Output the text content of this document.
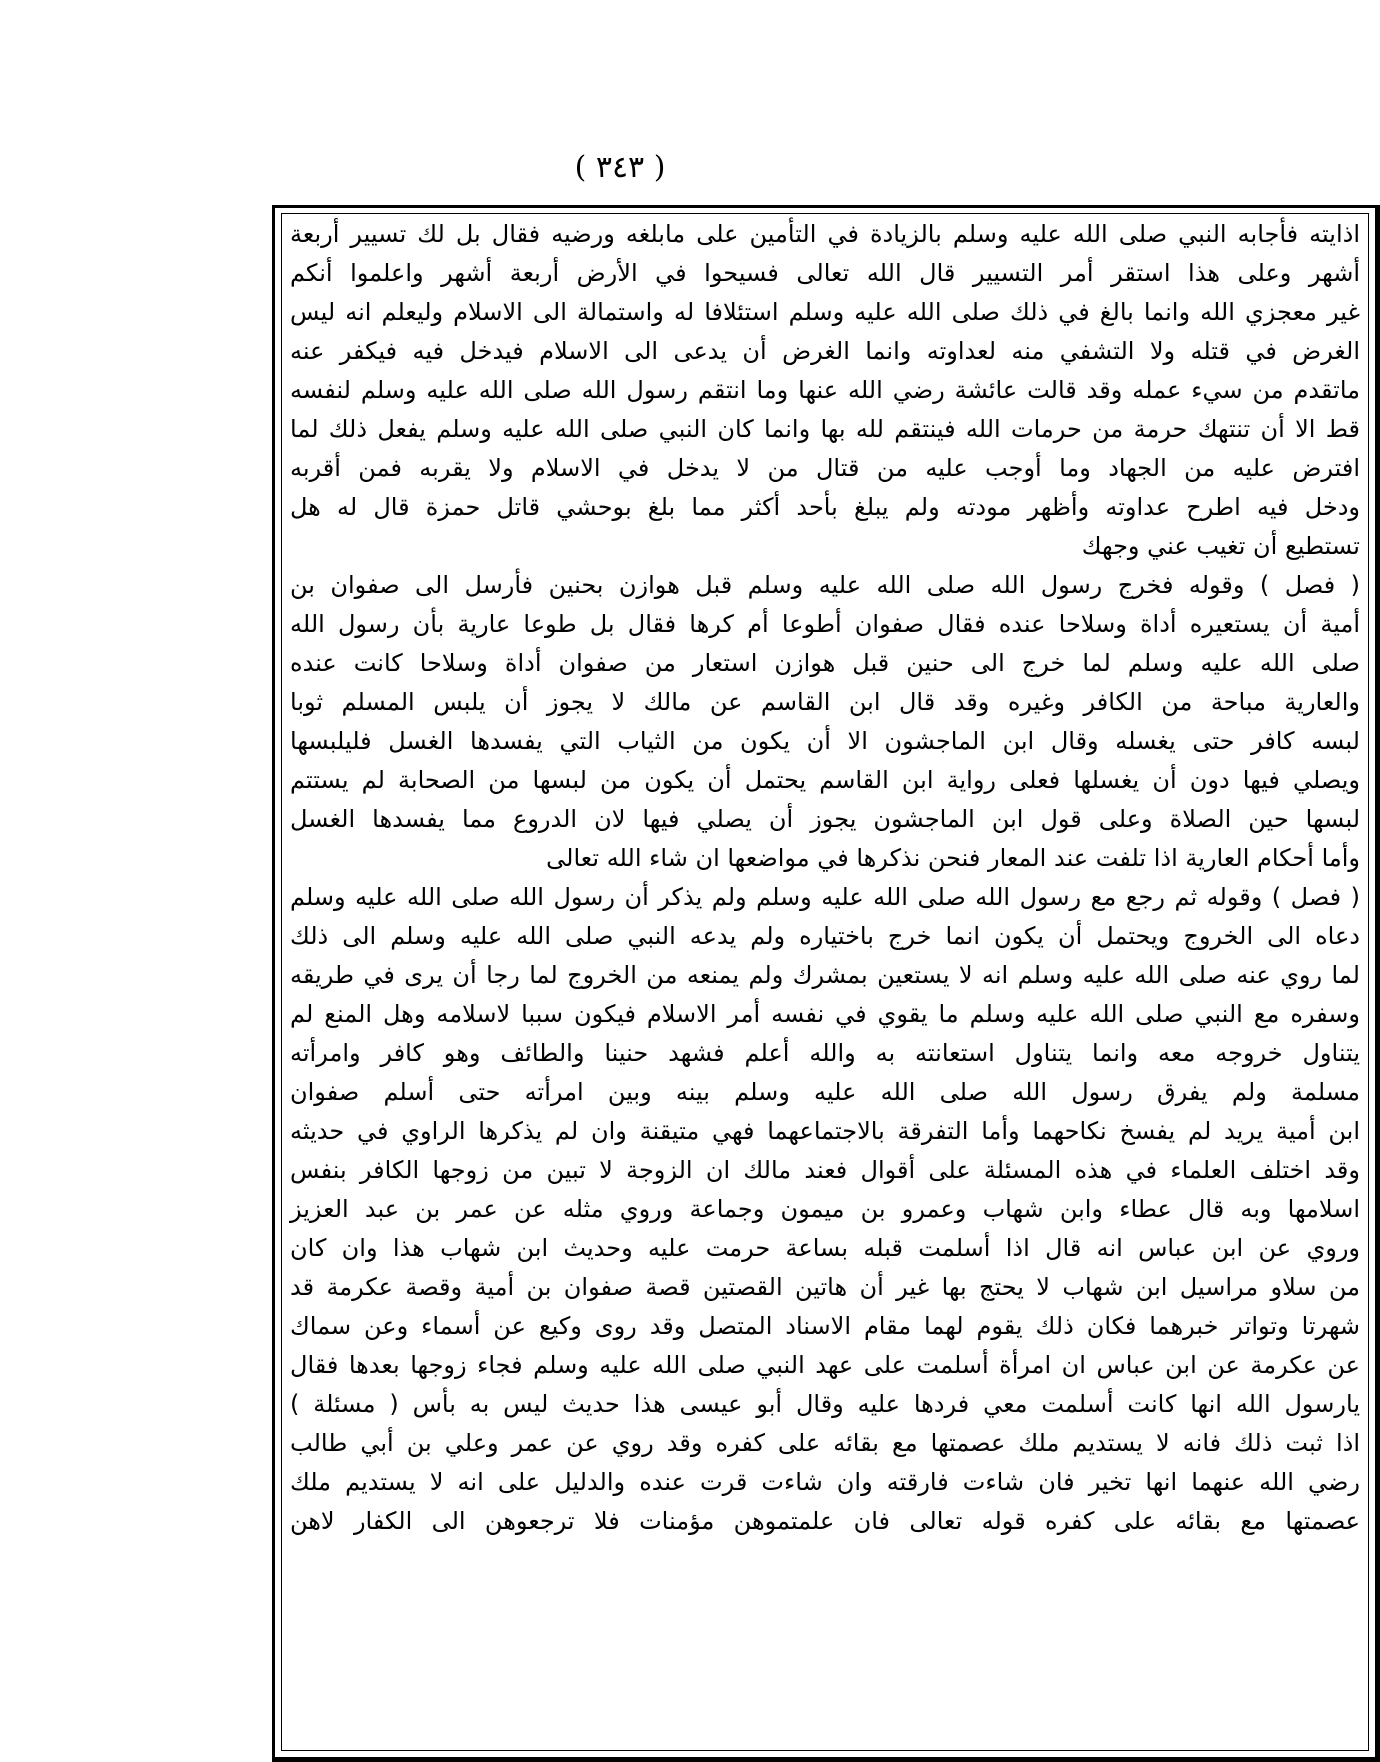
( ٣٤٣ )
اذايته فأجابه النبي صلى الله عليه وسلم بالزيادة في التأمين على مابلغه ورضيه فقال بل لك تسيير أربعة
أشهر وعلى هذا استقر أمر التسيير قال الله تعالى فسيحوا في الأرض أربعة أشهر واعلموا أنكم
غير معجزي الله وانما بالغ في ذلك صلى الله عليه وسلم استئلافا له واستمالة الى الاسلام وليعلم انه ليس
الغرض في قتله ولا التشفي منه لعداوته وانما الغرض أن يدعى الى الاسلام فيدخل فيه فيكفر عنه
ماتقدم من سيء عمله وقد قالت عائشة رضي الله عنها وما انتقم رسول الله صلى الله عليه وسلم لنفسه
قط الا أن تنتهك حرمة من حرمات الله فينتقم لله بها وانما كان النبي صلى الله عليه وسلم يفعل ذلك لما
افترض عليه من الجهاد وما أوجب عليه من قتال من لا يدخل في الاسلام ولا يقربه فمن أقربه
ودخل فيه اطرح عداوته وأظهر مودته ولم يبلغ بأحد أكثر مما بلغ بوحشي قاتل حمزة قال له هل
تستطيع أن تغيب عني وجهك
( فصل ) وقوله فخرج رسول الله صلى الله عليه وسلم قبل هوازن بحنين فأرسل الى صفوان بن
أمية أن يستعيره أداة وسلاحا عنده فقال صفوان أطوعا أم كرها فقال بل طوعا عارية بأن رسول الله
صلى الله عليه وسلم لما خرج الى حنين قبل هوازن استعار من صفوان أداة وسلاحا كانت عنده
والعارية مباحة من الكافر وغيره وقد قال ابن القاسم عن مالك لا يجوز أن يلبس المسلم ثوبا
لبسه كافر حتى يغسله وقال ابن الماجشون الا أن يكون من الثياب التي يفسدها الغسل فليلبسها
ويصلي فيها دون أن يغسلها فعلى رواية ابن القاسم يحتمل أن يكون من لبسها من الصحابة لم يستتم
لبسها حين الصلاة وعلى قول ابن الماجشون يجوز أن يصلي فيها لان الدروع مما يفسدها الغسل
وأما أحكام العارية اذا تلفت عند المعار فنحن نذكرها في مواضعها ان شاء الله تعالى
( فصل ) وقوله ثم رجع مع رسول الله صلى الله عليه وسلم ولم يذكر أن رسول الله صلى الله عليه وسلم
دعاه الى الخروج ويحتمل أن يكون انما خرج باختياره ولم يدعه النبي صلى الله عليه وسلم الى ذلك
لما روي عنه صلى الله عليه وسلم انه لا يستعين بمشرك ولم يمنعه من الخروج لما رجا أن يرى في طريقه
وسفره مع النبي صلى الله عليه وسلم ما يقوي في نفسه أمر الاسلام فيكون سببا لاسلامه وهل المنع لم
يتناول خروجه معه وانما يتناول استعانته به والله أعلم فشهد حنينا والطائف وهو كافر وامرأته
مسلمة ولم يفرق رسول الله صلى الله عليه وسلم بينه وبين امرأته حتى أسلم صفوان
ابن أمية يريد لم يفسخ نكاحهما وأما التفرقة بالاجتماعهما فهي متيقنة وان لم يذكرها الراوي في حديثه
وقد اختلف العلماء في هذه المسئلة على أقوال فعند مالك ان الزوجة لا تبين من زوجها الكافر بنفس
اسلامها وبه قال عطاء وابن شهاب وعمرو بن ميمون وجماعة وروي مثله عن عمر بن عبد العزيز
وروي عن ابن عباس انه قال اذا أسلمت قبله بساعة حرمت عليه وحديث ابن شهاب هذا وان كان
من سلاو مراسيل ابن شهاب لا يحتج بها غير أن هاتين القصتين قصة صفوان بن أمية وقصة عكرمة قد
شهرتا وتواتر خبرهما فكان ذلك يقوم لهما مقام الاسناد المتصل وقد روى وكيع عن أسماء وعن سماك
عن عكرمة عن ابن عباس ان امرأة أسلمت على عهد النبي صلى الله عليه وسلم فجاء زوجها بعدها فقال
يارسول الله انها كانت أسلمت معي فردها عليه وقال أبو عيسى هذا حديث ليس به بأس ( مسئلة )
اذا ثبت ذلك فانه لا يستديم ملك عصمتها مع بقائه على كفره وقد روي عن عمر وعلي بن أبي طالب
رضي الله عنهما انها تخير فان شاءت فارقته وان شاءت قرت عنده والدليل على انه لا يستديم ملك
عصمتها مع بقائه على كفره قوله تعالى فان علمتموهن مؤمنات فلا ترجعوهن الى الكفار لاهن
